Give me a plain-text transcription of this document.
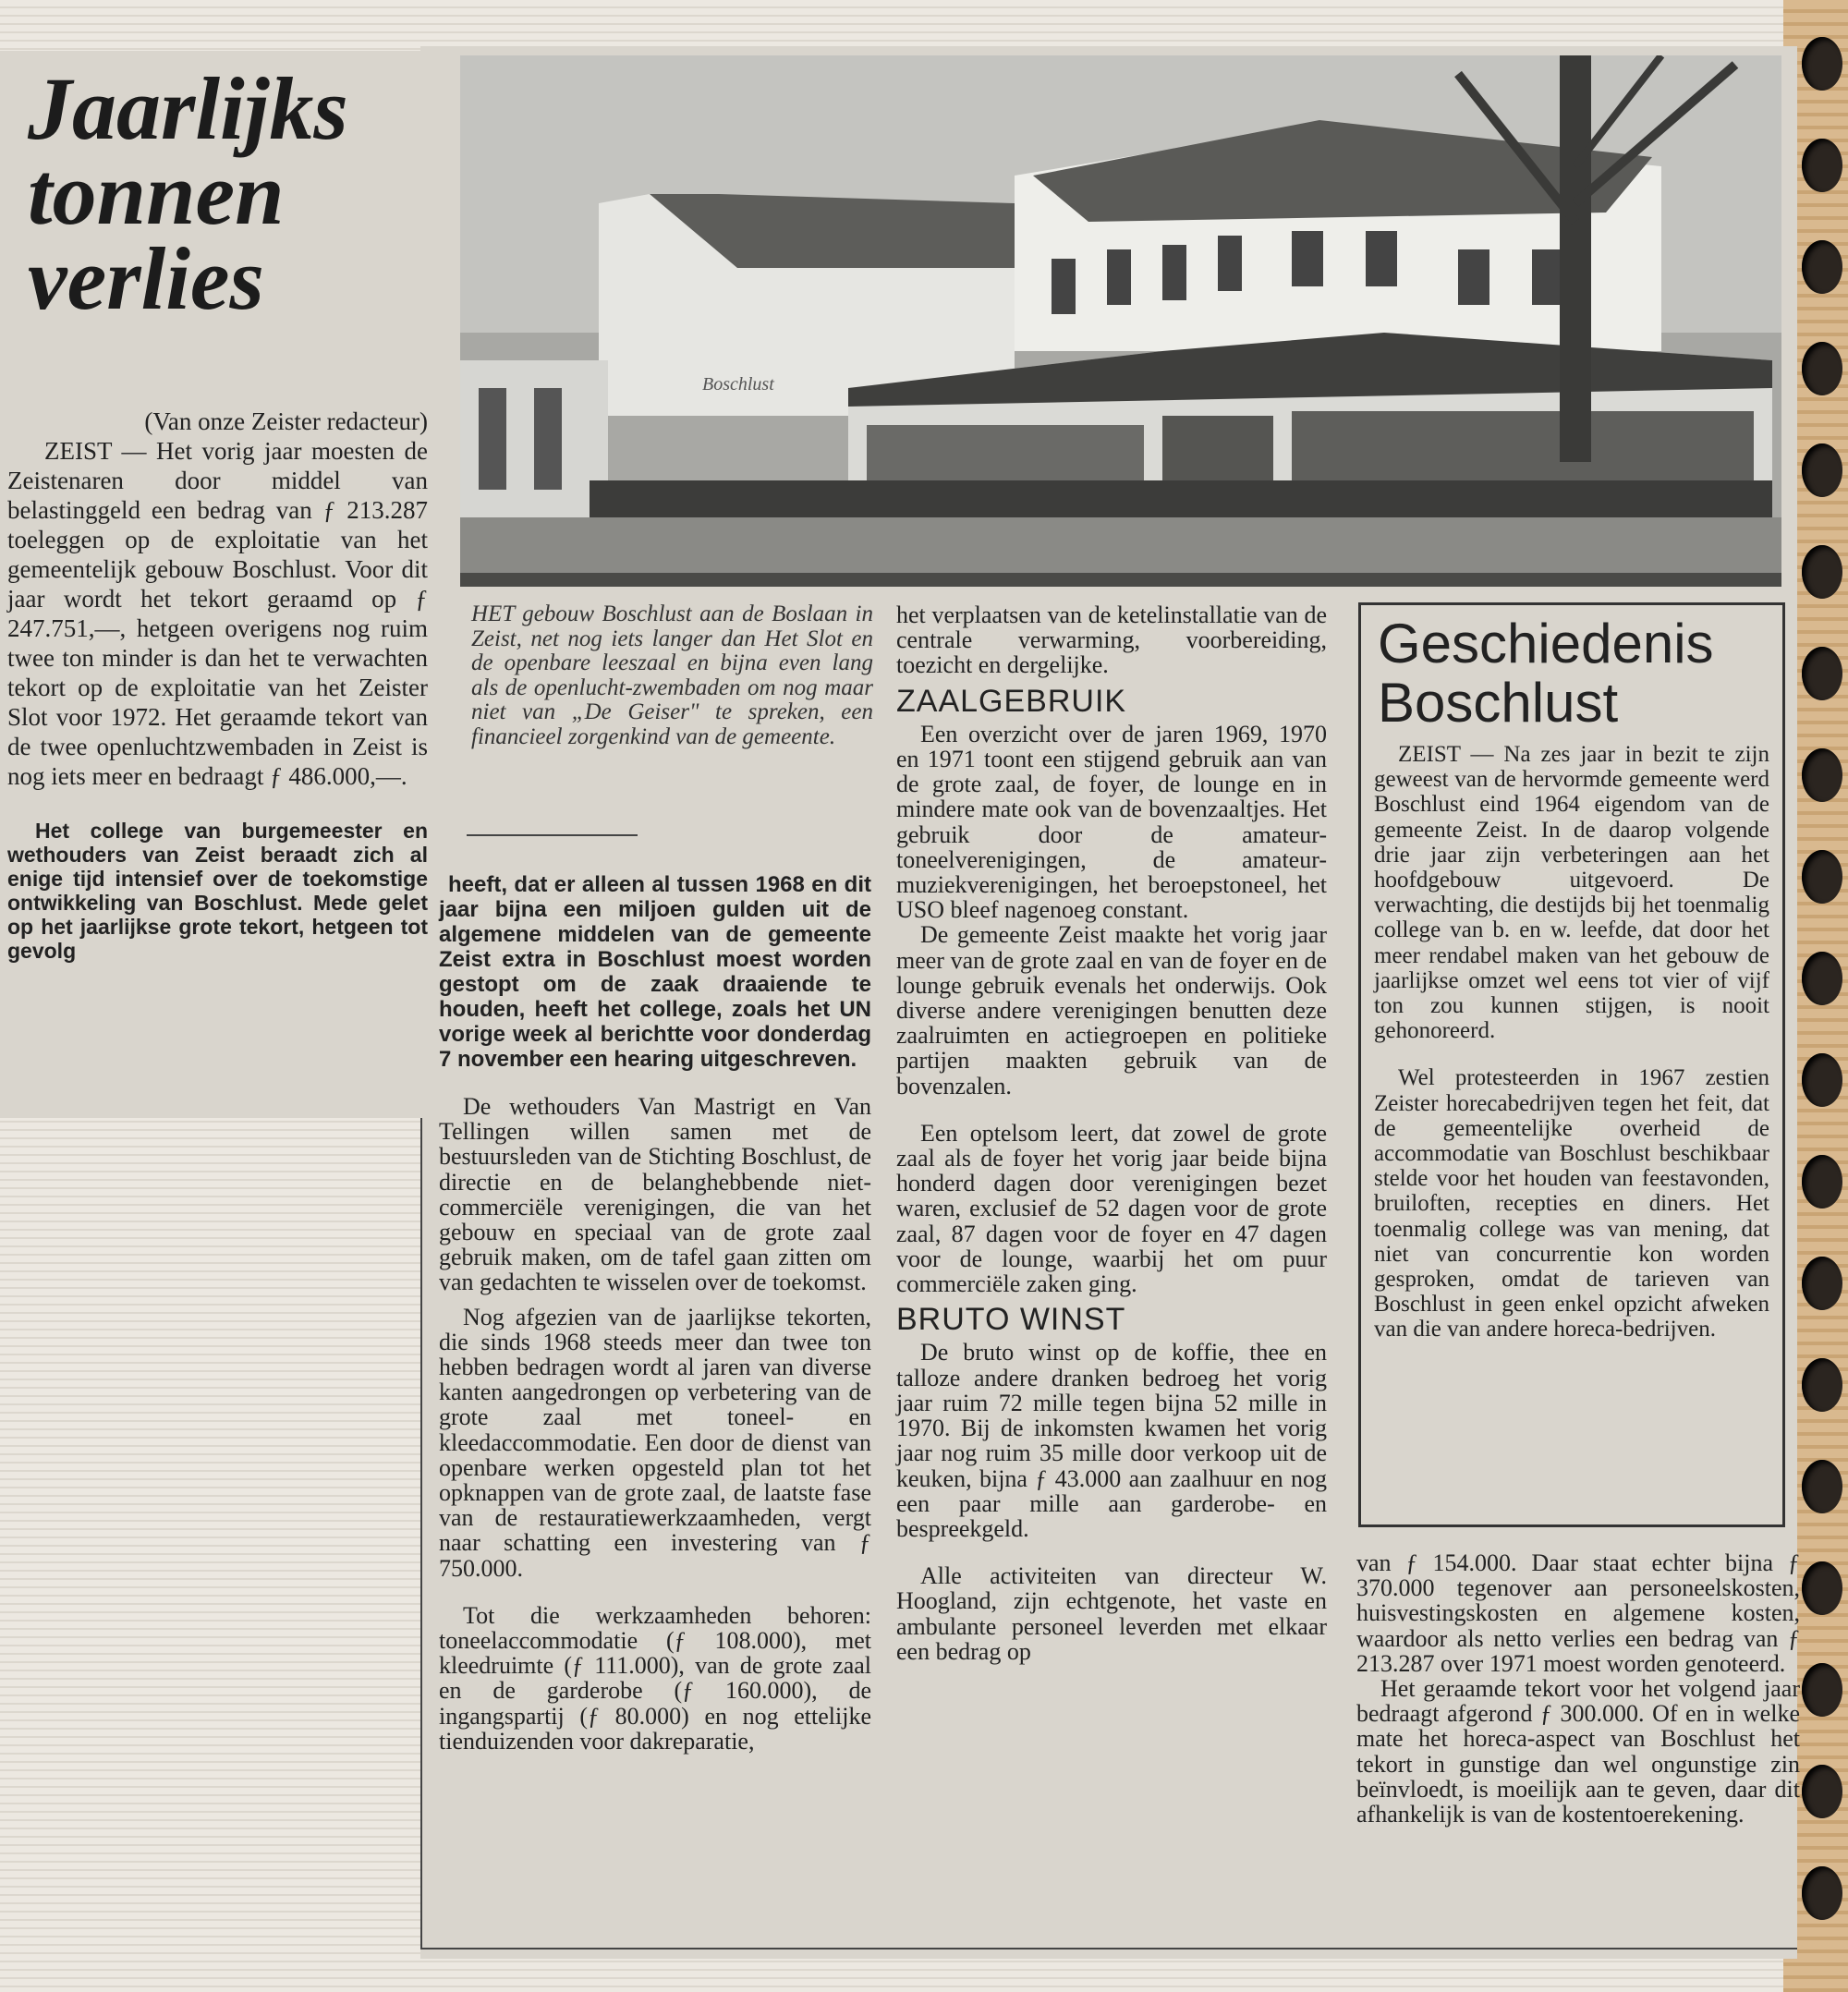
Jaarlijks
tonnen
verlies
(Van onze Zeister redacteur)

ZEIST — Het vorig jaar moesten de Zeistenaren door middel van belastinggeld een bedrag van ƒ 213.287 toeleggen op de exploitatie van het gemeentelijk gebouw Boschlust. Voor dit jaar wordt het tekort geraamd op ƒ 247.751,—, hetgeen overigens nog ruim twee ton minder is dan het te verwachten tekort op de exploitatie van het Zeister Slot voor 1972. Het geraamde tekort van de twee openluchtzwembaden in Zeist is nog iets meer en bedraagt ƒ 486.000,—.

Het college van burgemeester en wethouders van Zeist beraadt zich al enige tijd intensief over de toekomstige ontwikkeling van Boschlust. Mede gelet op het jaarlijkse grote tekort, hetgeen tot gevolg

Boschlust

HET gebouw Boschlust aan de Boslaan in Zeist, net nog iets langer dan Het Slot en de openbare leeszaal en bijna even lang als de openlucht-zwembaden om nog maar niet van „De Geiser" te spreken, een financieel zorgenkind van de gemeente.

heeft, dat er alleen al tussen 1968 en dit jaar bijna een miljoen gulden uit de algemene middelen van de gemeente Zeist extra in Boschlust moest worden gestopt om de zaak draaiende te houden, heeft het college, zoals het UN vorige week al berichtte voor donderdag 7 november een hearing uitgeschreven.

De wethouders Van Mastrigt en Van Tellingen willen samen met de bestuursleden van de Stichting Boschlust, de directie en de belanghebbende niet-commerciële verenigingen, die van het gebouw en speciaal van de grote zaal gebruik maken, om de tafel gaan zitten om van gedachten te wisselen over de toekomst.

Nog afgezien van de jaarlijkse tekorten, die sinds 1968 steeds meer dan twee ton hebben bedragen wordt al jaren van diverse kanten aangedrongen op verbetering van de grote zaal met toneel- en kleedaccommodatie. Een door de dienst van openbare werken opgesteld plan tot het opknappen van de grote zaal, de laatste fase van de restauratiewerkzaamheden, vergt naar schatting een investering van ƒ 750.000.

Tot die werkzaamheden behoren: toneelaccommodatie (ƒ 108.000), met kleedruimte (ƒ 111.000), van de grote zaal en de garderobe (ƒ 160.000), de ingangspartij (ƒ 80.000) en nog ettelijke tienduizenden voor dakreparatie,

het verplaatsen van de ketelinstallatie van de centrale verwarming, voorbereiding, toezicht en dergelijke.

ZAALGEBRUIK

Een overzicht over de jaren 1969, 1970 en 1971 toont een stijgend gebruik aan van de grote zaal, de foyer, de lounge en in mindere mate ook van de bovenzaaltjes. Het gebruik door de amateur-toneelverenigingen, de amateur-muziekverenigingen, het beroepstoneel, het USO bleef nagenoeg constant.

De gemeente Zeist maakte het vorig jaar meer van de grote zaal en van de foyer en de lounge gebruik evenals het onderwijs. Ook diverse andere verenigingen benutten deze zaalruimten en actiegroepen en politieke partijen maakten gebruik van de bovenzalen.

Een optelsom leert, dat zowel de grote zaal als de foyer het vorig jaar beide bijna honderd dagen door verenigingen bezet waren, exclusief de 52 dagen voor de grote zaal, 87 dagen voor de foyer en 47 dagen voor de lounge, waarbij het om puur commerciële zaken ging.

BRUTO WINST

De bruto winst op de koffie, thee en talloze andere dranken bedroeg het vorig jaar ruim 72 mille tegen bijna 52 mille in 1970. Bij de inkomsten kwamen het vorig jaar nog ruim 35 mille door verkoop uit de keuken, bijna ƒ 43.000 aan zaalhuur en nog een paar mille aan garderobe- en bespreekgeld.

Alle activiteiten van directeur W. Hoogland, zijn echtgenote, het vaste en ambulante personeel leverden met elkaar een bedrag op

Geschiedenis
Boschlust

ZEIST — Na zes jaar in bezit te zijn geweest van de hervormde gemeente werd Boschlust eind 1964 eigendom van de gemeente Zeist. In de daarop volgende drie jaar zijn verbeteringen aan het hoofdgebouw uitgevoerd. De verwachting, die destijds bij het toenmalig college van b. en w. leefde, dat door het meer rendabel maken van het gebouw de jaarlijkse omzet wel eens tot vier of vijf ton zou kunnen stijgen, is nooit gehonoreerd.

Wel protesteerden in 1967 zestien Zeister horecabedrijven tegen het feit, dat de gemeentelijke overheid de accommodatie van Boschlust beschikbaar stelde voor het houden van feestavonden, bruiloften, recepties en diners. Het toenmalig college was van mening, dat niet van concurrentie kon worden gesproken, omdat de tarieven van Boschlust in geen enkel opzicht afweken van die van andere horeca-bedrijven.

van ƒ 154.000. Daar staat echter bijna ƒ 370.000 tegenover aan personeelskosten, huisvestingskosten en algemene kosten, waardoor als netto verlies een bedrag van ƒ 213.287 over 1971 moest worden genoteerd.

Het geraamde tekort voor het volgend jaar bedraagt afgerond ƒ 300.000. Of en in welke mate het horeca-aspect van Boschlust het tekort in gunstige dan wel ongunstige zin beïnvloedt, is moeilijk aan te geven, daar dit afhankelijk is van de kostentoerekening.
